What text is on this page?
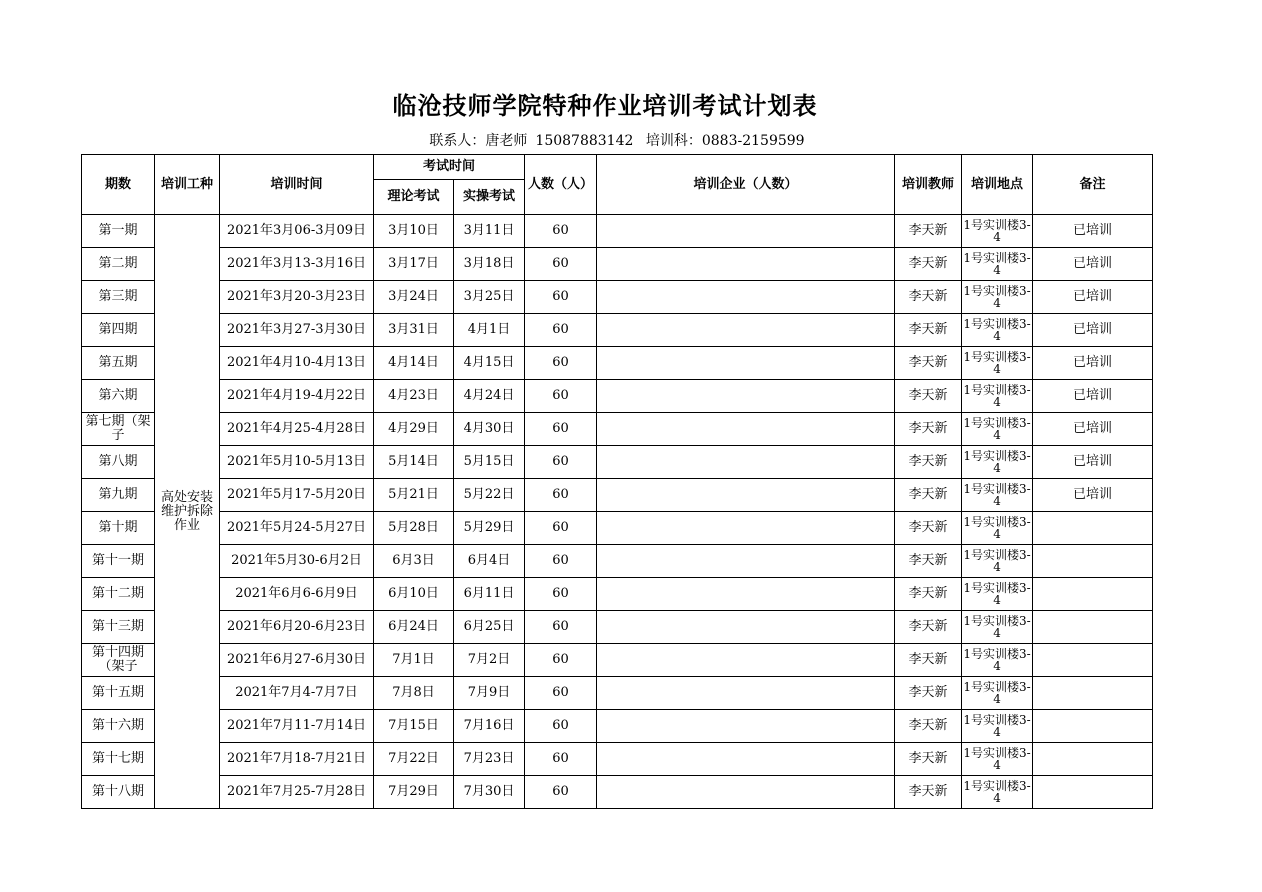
临沧技师学院特种作业培训考试计划表
联系人：唐老师 15087883142 培训科：0883-2159599
期数	培训工种	培训时间	考试时间		人数（人）	培训企业（人数）	培训教师	培训地点	备注
			理论考试	实操考试					
第一期	高处安装维护拆除作业	2021年3月06-3月09日	3月10日	3月11日	60		李天新	1号实训楼3-4	已培训
第二期		2021年3月13-3月16日	3月17日	3月18日	60		李天新	1号实训楼3-4	已培训
第三期		2021年3月20-3月23日	3月24日	3月25日	60		李天新	1号实训楼3-4	已培训
第四期		2021年3月27-3月30日	3月31日	4月1日	60		李天新	1号实训楼3-4	已培训
第五期		2021年4月10-4月13日	4月14日	4月15日	60		李天新	1号实训楼3-4	已培训
第六期		2021年4月19-4月22日	4月23日	4月24日	60		李天新	1号实训楼3-4	已培训
第七期（架子		2021年4月25-4月28日	4月29日	4月30日	60		李天新	1号实训楼3-4	已培训
第八期		2021年5月10-5月13日	5月14日	5月15日	60		李天新	1号实训楼3-4	已培训
第九期		2021年5月17-5月20日	5月21日	5月22日	60		李天新	1号实训楼3-4	已培训
第十期		2021年5月24-5月27日	5月28日	5月29日	60		李天新	1号实训楼3-4	
第十一期		2021年5月30-6月2日	6月3日	6月4日	60		李天新	1号实训楼3-4	
第十二期		2021年6月6-6月9日	6月10日	6月11日	60		李天新	1号实训楼3-4	
第十三期		2021年6月20-6月23日	6月24日	6月25日	60		李天新	1号实训楼3-4	
第十四期（架子		2021年6月27-6月30日	7月1日	7月2日	60		李天新	1号实训楼3-4	
第十五期		2021年7月4-7月7日	7月8日	7月9日	60		李天新	1号实训楼3-4	
第十六期		2021年7月11-7月14日	7月15日	7月16日	60		李天新	1号实训楼3-4	
第十七期		2021年7月18-7月21日	7月22日	7月23日	60		李天新	1号实训楼3-4	
第十八期		2021年7月25-7月28日	7月29日	7月30日	60		李天新	1号实训楼3-4	
